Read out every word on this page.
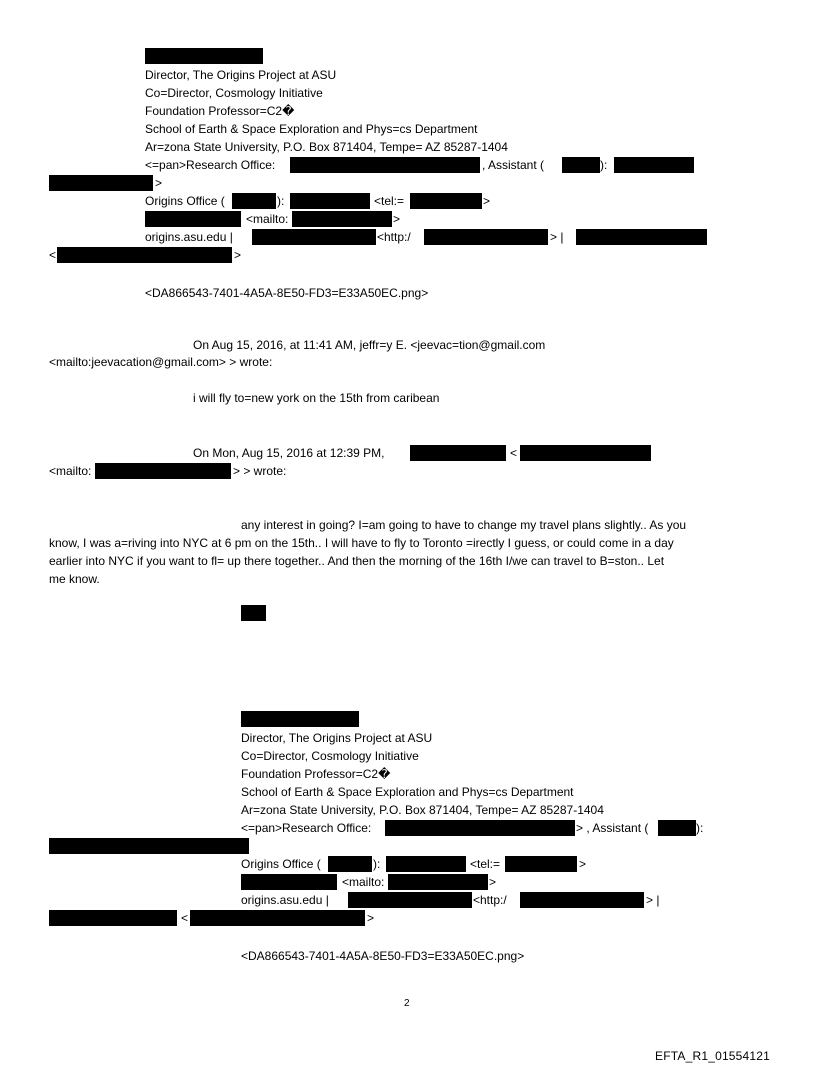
Director, The Origins Project at ASU
Co=Director, Cosmology Initiative
Foundation Professor=C2�
School of Earth & Space Exploration and Phys=cs Department
Ar=zona State University, P.O. Box 871404, Tempe= AZ 85287-1404
<=pan>Research Office:	, Assistant (	):
>
Origins Office (	):	<tel:=	>
<mailto:	>
origins.asu.edu |	<http:/	> |
<	>
<DA866543-7401-4A5A-8E50-FD3=E33A50EC.png>
On Aug 15, 2016, at 11:41 AM, jeffr=y E. <jeevac=tion@gmail.com
<mailto:jeevacation@gmail.com> > wrote:
i will fly to=new york on the 15th from caribean
On Mon, Aug 15, 2016 at 12:39 PM,	<
<mailto:	> > wrote:
any interest in going? I=am going to have to change my travel plans slightly.. As you
know, I was a=riving into NYC at 6 pm on the 15th.. I will have to fly to Toronto =irectly I guess, or could come in a day
earlier into NYC if you want to fl= up there together.. And then the morning of the 16th I/we can travel to B=ston.. Let
me know.
Director, The Origins Project at ASU
Co=Director, Cosmology Initiative
Foundation Professor=C2�
School of Earth & Space Exploration and Phys=cs Department
Ar=zona State University, P.O. Box 871404, Tempe= AZ 85287-1404
<=pan>Research Office:	> , Assistant (	):
>
Origins Office (	):	<tel:=	>
<mailto:	>
origins.asu.edu |	<http:/	> |
<	>
<DA866543-7401-4A5A-8E50-FD3=E33A50EC.png>
2
EFTA_R1_01554121
